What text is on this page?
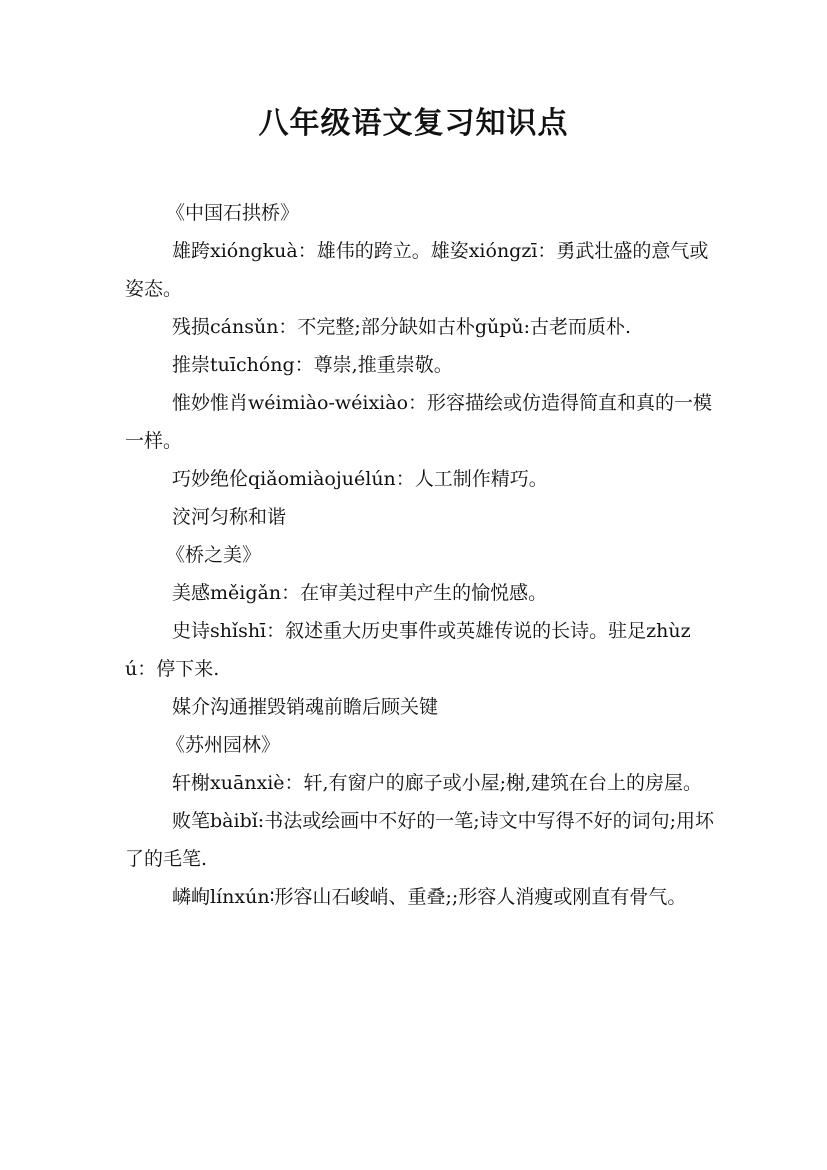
八年级语文复习知识点

《中国石拱桥》

雄跨xióngkuà：雄伟的跨立。雄姿xióngzī：勇武壮盛的意气或姿态。

残损cánsǔn：不完整;部分缺如古朴gǔpǔ:古老而质朴.

推崇tuīchóng：尊崇,推重崇敬。

惟妙惟肖wéimiào-wéixiào：形容描绘或仿造得简直和真的一模一样。

巧妙绝伦qiǎomiàojuélún：人工制作精巧。

洨河匀称和谐

《桥之美》

美感měigǎn：在审美过程中产生的愉悦感。

史诗shǐshī：叙述重大历史事件或英雄传说的长诗。驻足zhùzú：停下来.

媒介沟通摧毁销魂前瞻后顾关键

《苏州园林》

轩榭xuānxiè：轩,有窗户的廊子或小屋;榭,建筑在台上的房屋。

败笔bàibǐ:书法或绘画中不好的一笔;诗文中写得不好的词句;用坏了的毛笔.

嶙峋línxún∶形容山石峻峭、重叠;;形容人消瘦或刚直有骨气。
